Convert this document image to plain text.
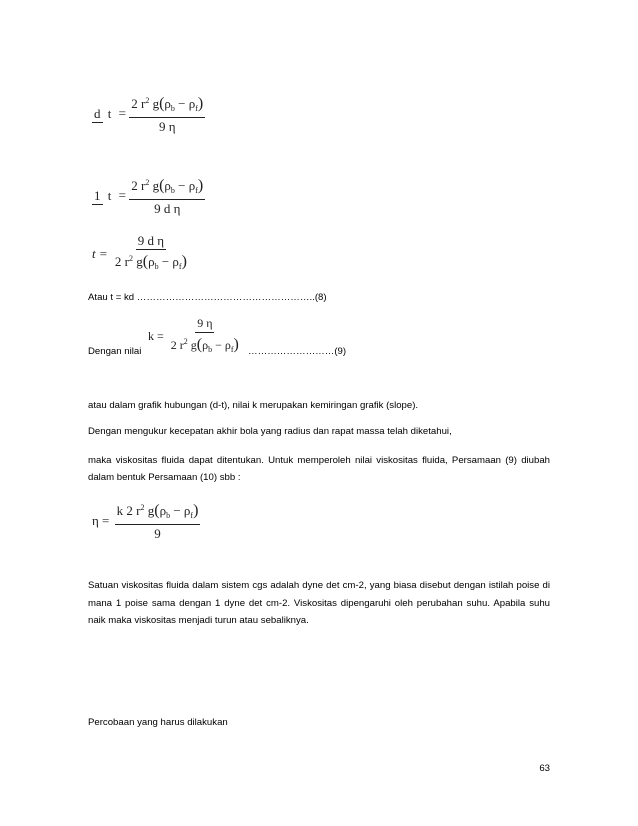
d $t = \frac{2 r^2 g(\rho_b - \rho_f)}{9 \eta}$
1 $t = \frac{2 r^2 g(\rho_b - \rho_f)}{\text{9 d η}}$
$t = \frac{\text{9 d η}}{2 r^2 g(\rho_b - \rho_f)}$
Atau t = kd ………………………………………………..(8)
$k = \frac{9 \eta}{2 r^2 g(\rho_b - \rho_f)}$
Dengan nilai	………………………(9)
atau dalam grafik hubungan (d-t), nilai k merupakan kemiringan grafik (slope).
Dengan mengukur kecepatan akhir bola yang radius dan rapat massa telah diketahui,
maka viskositas fluida dapat ditentukan. Untuk memperoleh nilai viskositas fluida, Persamaan (9) diubah dalam bentuk Persamaan (10) sbb :
$\eta = \frac{k 2 r^2 g(\rho_b - \rho_f)}{9}$
Satuan viskositas fluida dalam sistem cgs adalah dyne det cm-2, yang biasa disebut dengan istilah poise di mana 1 poise sama dengan 1 dyne det cm-2. Viskositas dipengaruhi oleh perubahan suhu. Apabila suhu naik maka viskositas menjadi turun atau sebaliknya.
Percobaan yang harus dilakukan
63
